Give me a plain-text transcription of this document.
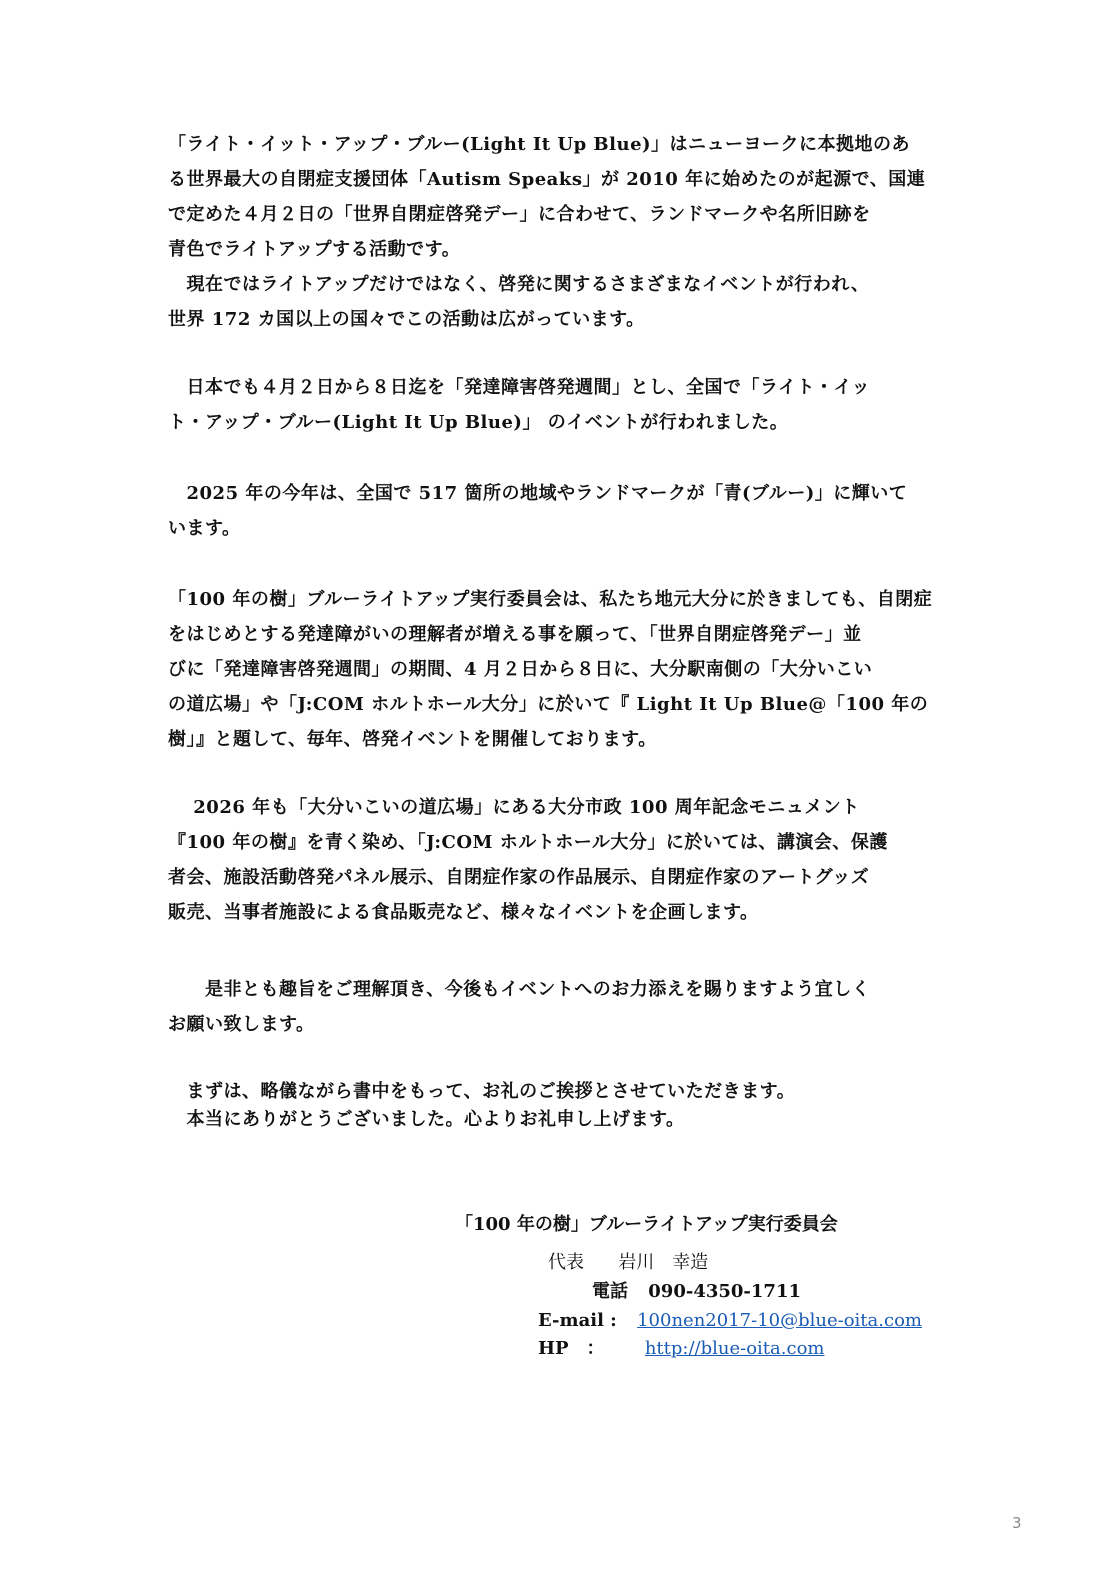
「ライト・イット・アップ・ブルー(Light It Up Blue)」はニューヨークに本拠地のあ
る世界最大の自閉症支援団体「Autism Speaks」が 2010 年に始めたのが起源で、国連
で定めた４月２日の「世界自閉症啓発デー」に合わせて、ランドマークや名所旧跡を
青色でライトアップする活動です。
　現在ではライトアップだけではなく、啓発に関するさまざまなイベントが行われ、
世界 172 カ国以上の国々でこの活動は広がっています。
　日本でも４月２日から８日迄を「発達障害啓発週間」とし、全国で「ライト・イッ
ト・アップ・ブルー(Light It Up Blue)」 のイベントが行われました。
　2025 年の今年は、全国で 517 箇所の地域やランドマークが「青(ブルー)」に輝いて
います。
「100 年の樹」ブルーライトアップ実行委員会は、私たち地元大分に於きましても、自閉症
をはじめとする発達障がいの理解者が増える事を願って、「世界自閉症啓発デー」並
びに「発達障害啓発週間」の期間、4 月２日から８日に、大分駅南側の「大分いこい
の道広場」や「J:COM ホルトホール大分」に於いて『 Light It Up Blue@「100 年の
樹」』と題して、毎年、啓発イベントを開催しております。
　 2026 年も「大分いこいの道広場」にある大分市政 100 周年記念モニュメント
『100 年の樹』を青く染め、「J:COM ホルトホール大分」に於いては、講演会、保護
者会、施設活動啓発パネル展示、自閉症作家の作品展示、自閉症作家のアートグッズ
販売、当事者施設による食品販売など、様々なイベントを企画します。
　　是非とも趣旨をご理解頂き、今後もイベントへのお力添えを賜りますよう宜しく
お願い致します。
　まずは、略儀ながら書中をもって、お礼のご挨拶とさせていただきます。
　本当にありがとうございました。心よりお礼申し上げます。
「100 年の樹」ブルーライトアップ実行委員会
代表 岩川　幸造
電話 090-4350-1711
E-mail : 100nen2017-10@blue-oita.com
HP　： http://blue-oita.com
3
